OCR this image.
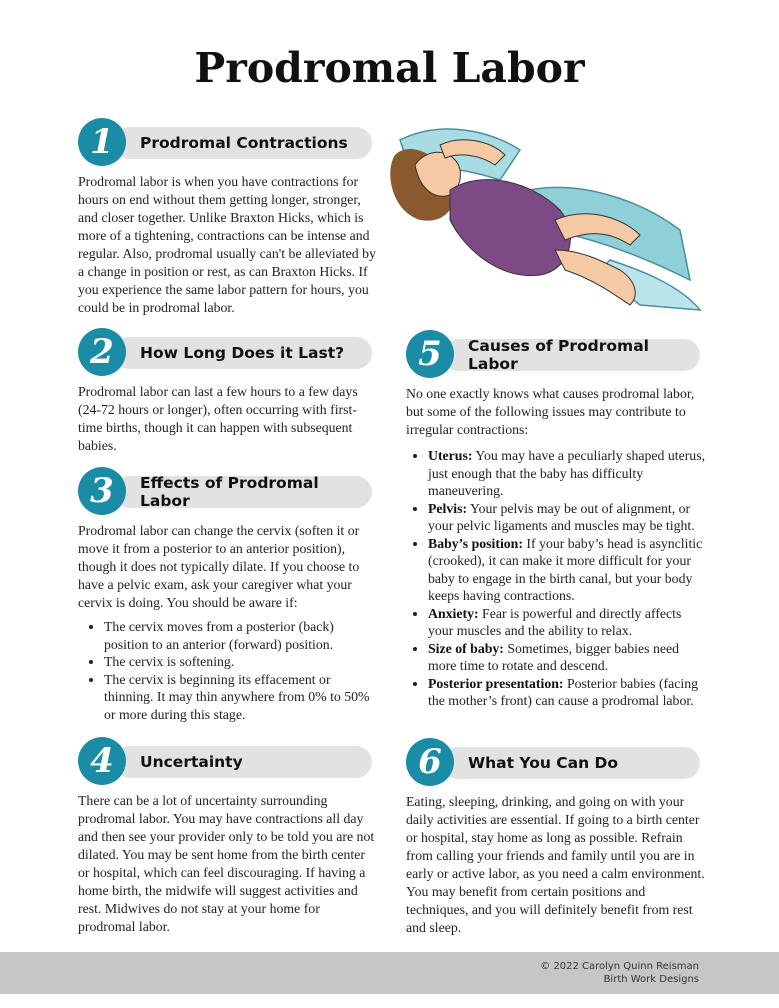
Prodromal Labor
1	Prodromal Contractions

Prodromal labor is when you have contractions for hours on end without them getting longer, stronger, and closer together. Unlike Braxton Hicks, which is more of a tightening, contractions can be intense and regular. Also, prodromal usually can't be alleviated by a change in position or rest, as can Braxton Hicks. If you experience the same labor pattern for hours, you could be in prodromal labor.

2	How Long Does it Last?

Prodromal labor can last a few hours to a few days (24-72 hours or longer), often occurring with first-time births, though it can happen with subsequent babies.

3	Effects of Prodromal Labor

Prodromal labor can change the cervix (soften it or move it from a posterior to an anterior position), though it does not typically dilate. If you choose to have a pelvic exam, ask your caregiver what your cervix is doing. You should be aware if:

• The cervix moves from a posterior (back) position to an anterior (forward) position.
• The cervix is softening.
• The cervix is beginning its effacement or thinning. It may thin anywhere from 0% to 50% or more during this stage.
4	Uncertainty

There can be a lot of uncertainty surrounding prodromal labor. You may have contractions all day and then see your provider only to be told you are not dilated. You may be sent home from the birth center or hospital, which can feel discouraging. If having a home birth, the midwife will suggest activities and rest. Midwives do not stay at your home for prodromal labor.

5	Causes of Prodromal Labor

No one exactly knows what causes prodromal labor, but some of the following issues may contribute to irregular contractions:

• Uterus: You may have a peculiarly shaped uterus, just enough that the baby has difficulty maneuvering.
• Pelvis: Your pelvis may be out of alignment, or your pelvic ligaments and muscles may be tight.
• Baby’s position: If your baby’s head is asynclitic (crooked), it can make it more difficult for your baby to engage in the birth canal, but your body keeps having contractions.
• Anxiety: Fear is powerful and directly affects your muscles and the ability to relax.
• Size of baby: Sometimes, bigger babies need more time to rotate and descend.
• Posterior presentation: Posterior babies (facing the mother’s front) can cause a prodromal labor.
6	What You Can Do

Eating, sleeping, drinking, and going on with your daily activities are essential. If going to a birth center or hospital, stay home as long as possible. Refrain from calling your friends and family until you are in early or active labor, as you need a calm environment. You may benefit from certain positions and techniques, and you will definitely benefit from rest and sleep.

© 2022 Carolyn Quinn Reisman
Birth Work Designs
